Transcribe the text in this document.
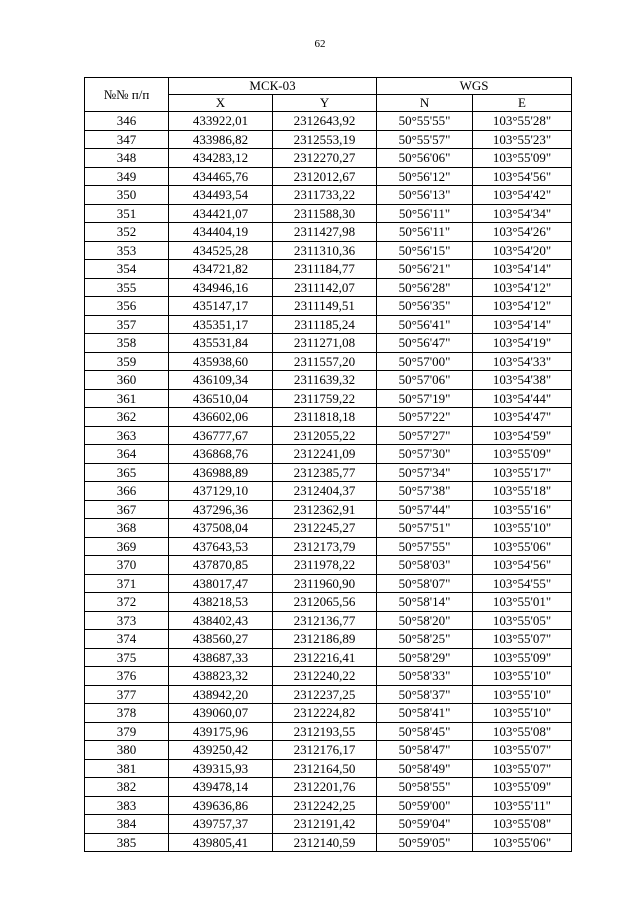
62
№№ п/п	МСК-03		WGS	
	X	Y	N	E
346	433922,01	2312643,92	50°55'55"	103°55'28"
347	433986,82	2312553,19	50°55'57"	103°55'23"
348	434283,12	2312270,27	50°56'06"	103°55'09"
349	434465,76	2312012,67	50°56'12"	103°54'56"
350	434493,54	2311733,22	50°56'13"	103°54'42"
351	434421,07	2311588,30	50°56'11"	103°54'34"
352	434404,19	2311427,98	50°56'11"	103°54'26"
353	434525,28	2311310,36	50°56'15"	103°54'20"
354	434721,82	2311184,77	50°56'21"	103°54'14"
355	434946,16	2311142,07	50°56'28"	103°54'12"
356	435147,17	2311149,51	50°56'35"	103°54'12"
357	435351,17	2311185,24	50°56'41"	103°54'14"
358	435531,84	2311271,08	50°56'47"	103°54'19"
359	435938,60	2311557,20	50°57'00"	103°54'33"
360	436109,34	2311639,32	50°57'06"	103°54'38"
361	436510,04	2311759,22	50°57'19"	103°54'44"
362	436602,06	2311818,18	50°57'22"	103°54'47"
363	436777,67	2312055,22	50°57'27"	103°54'59"
364	436868,76	2312241,09	50°57'30"	103°55'09"
365	436988,89	2312385,77	50°57'34"	103°55'17"
366	437129,10	2312404,37	50°57'38"	103°55'18"
367	437296,36	2312362,91	50°57'44"	103°55'16"
368	437508,04	2312245,27	50°57'51"	103°55'10"
369	437643,53	2312173,79	50°57'55"	103°55'06"
370	437870,85	2311978,22	50°58'03"	103°54'56"
371	438017,47	2311960,90	50°58'07"	103°54'55"
372	438218,53	2312065,56	50°58'14"	103°55'01"
373	438402,43	2312136,77	50°58'20"	103°55'05"
374	438560,27	2312186,89	50°58'25"	103°55'07"
375	438687,33	2312216,41	50°58'29"	103°55'09"
376	438823,32	2312240,22	50°58'33"	103°55'10"
377	438942,20	2312237,25	50°58'37"	103°55'10"
378	439060,07	2312224,82	50°58'41"	103°55'10"
379	439175,96	2312193,55	50°58'45"	103°55'08"
380	439250,42	2312176,17	50°58'47"	103°55'07"
381	439315,93	2312164,50	50°58'49"	103°55'07"
382	439478,14	2312201,76	50°58'55"	103°55'09"
383	439636,86	2312242,25	50°59'00"	103°55'11"
384	439757,37	2312191,42	50°59'04"	103°55'08"
385	439805,41	2312140,59	50°59'05"	103°55'06"
